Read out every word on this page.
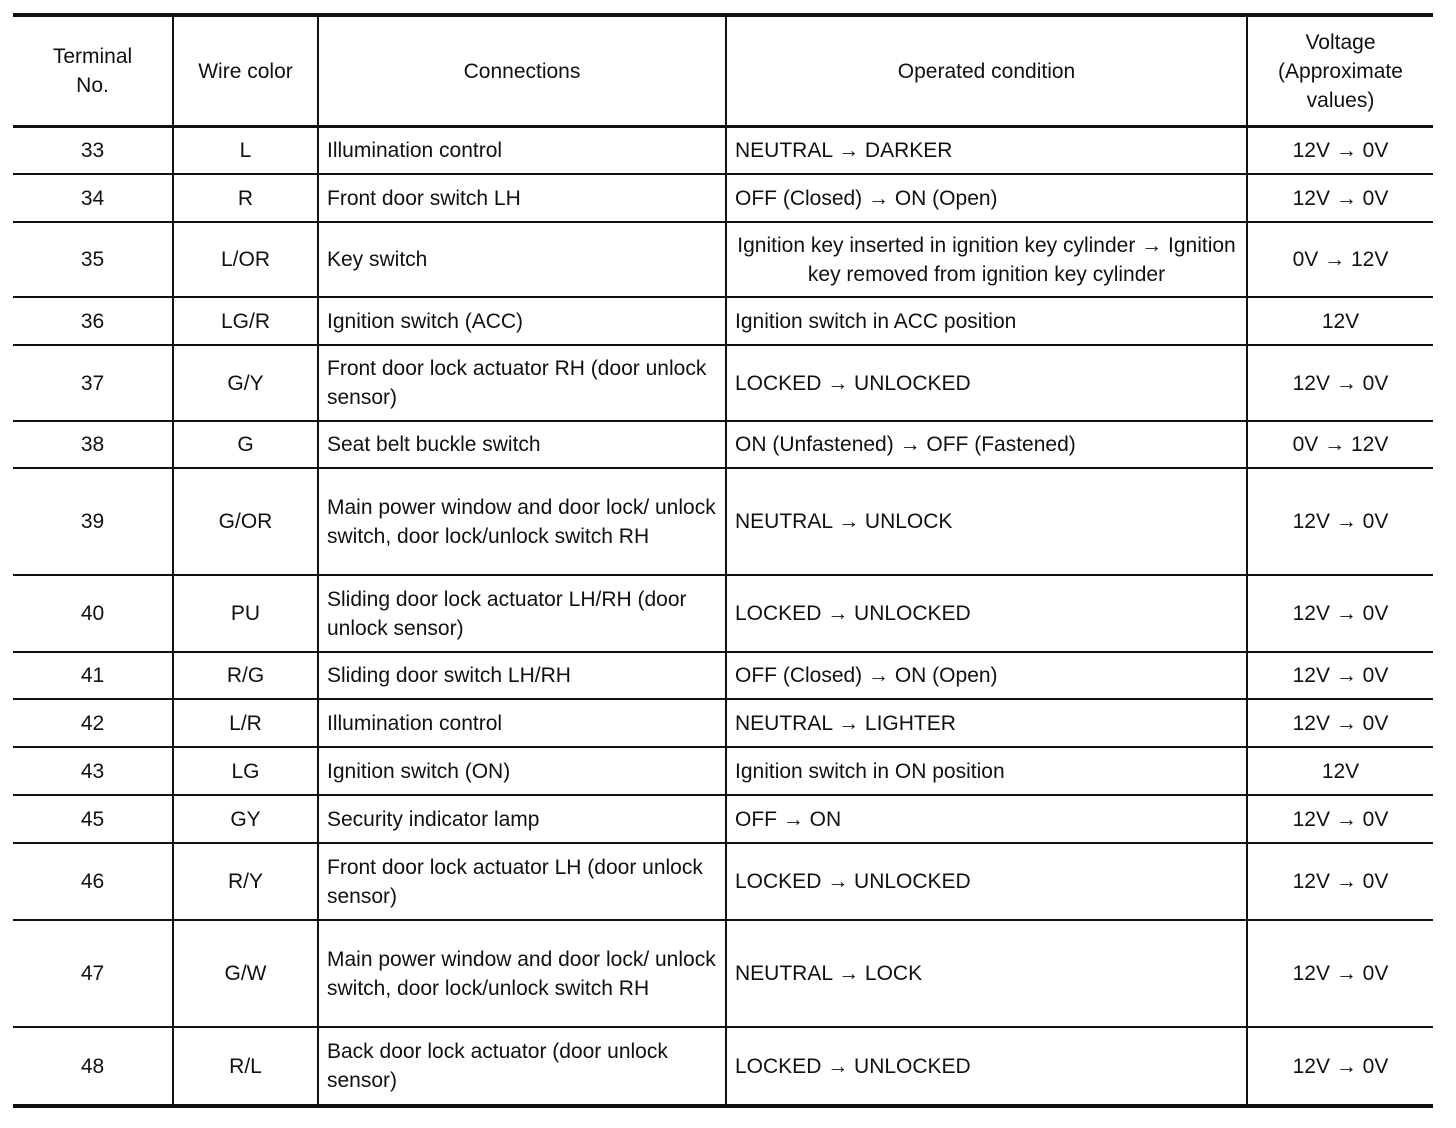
Terminal
No.	Wire color	Connections	Operated condition	Voltage
(Approximate
values)
33	L	Illumination control	NEUTRAL → DARKER	12V → 0V
34	R	Front door switch LH	OFF (Closed) → ON (Open)	12V → 0V
35	L/OR	Key switch	Ignition key inserted in ignition key cylinder → Ignition key removed from ignition key cylinder	0V → 12V
36	LG/R	Ignition switch (ACC)	Ignition switch in ACC position	12V
37	G/Y	Front door lock actuator RH (door unlock sensor)	LOCKED → UNLOCKED	12V → 0V
38	G	Seat belt buckle switch	ON (Unfastened) → OFF (Fastened)	0V → 12V
39	G/OR	Main power window and door lock/ unlock switch, door lock/unlock switch RH	NEUTRAL → UNLOCK	12V → 0V
40	PU	Sliding door lock actuator LH/RH (door unlock sensor)	LOCKED → UNLOCKED	12V → 0V
41	R/G	Sliding door switch LH/RH	OFF (Closed) → ON (Open)	12V → 0V
42	L/R	Illumination control	NEUTRAL → LIGHTER	12V → 0V
43	LG	Ignition switch (ON)	Ignition switch in ON position	12V
45	GY	Security indicator lamp	OFF → ON	12V → 0V
46	R/Y	Front door lock actuator LH (door unlock sensor)	LOCKED → UNLOCKED	12V → 0V
47	G/W	Main power window and door lock/ unlock switch, door lock/unlock switch RH	NEUTRAL → LOCK	12V → 0V
48	R/L	Back door lock actuator (door unlock sensor)	LOCKED → UNLOCKED	12V → 0V
